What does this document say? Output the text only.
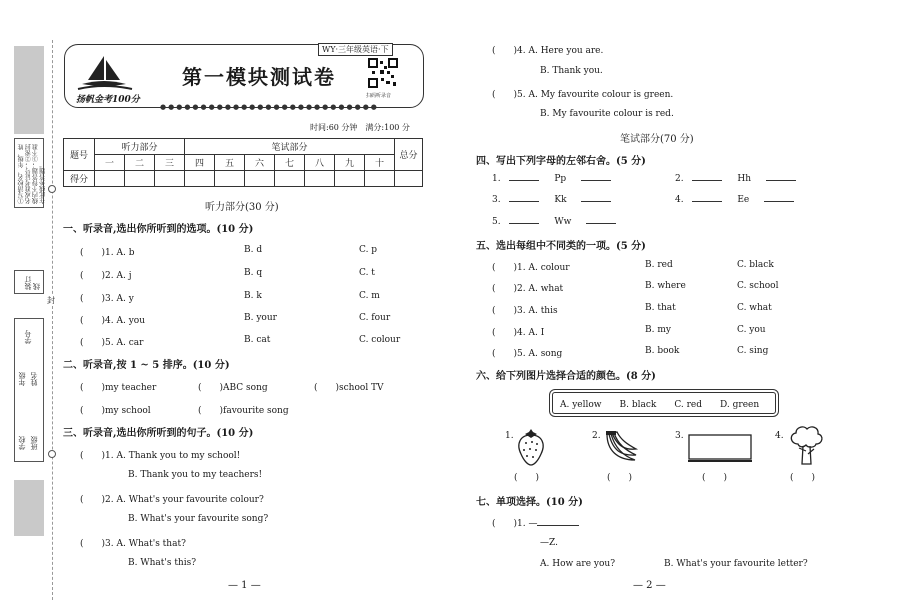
①写清校名、年级、姓名或准考证号；②密封线内不得答题；③不准在此线外答题。
装订线
学校 班级
年级 姓名
学号
封
扬帆金考100分
第一模块测试卷
WY·三年级英语·下
扫码听录音
●●●●●●●●●●●●●●●●●●●●●●●●●●●
时间:60 分钟　满分:100 分
题号	听力部分			笔试部分							总分
	一	二	三	四	五	六	七	八	九	十	
得分											
听力部分(30 分)
一、听录音,选出你所听到的选项。(10 分)
(　　)1. A. b	B. d	C. p
(　　)2. A. j	B. q	C. t
(　　)3. A. y	B. k	C. m
(　　)4. A. you	B. your	C. four
(　　)5. A. car	B. cat	C. colour
二、听录音,按 1 ~ 5 排序。(10 分)
(　　)my teacher	(　　)ABC song	(　　)school TV
(　　)my school	(　　)favourite song
三、听录音,选出你所听到的句子。(10 分)
(　　)1. A. Thank you to my school!
B. Thank you to my teachers!
(　　)2. A. What's your favourite colour?
B. What's your favourite song?
(　　)3. A. What's that?
B. What's this?
— 1 —
(　　)4. A. Here you are.
B. Thank you.
(　　)5. A. My favourite colour is green.
B. My favourite colour is red.
笔试部分(70 分)
四、写出下列字母的左邻右舍。(5 分)
1.	Pp	2.	Hh
3.	Kk	4.	Ee
5.	Ww
五、选出每组中不同类的一项。(5 分)
(　　)1. A. colour	B. red	C. black
(　　)2. A. what	B. where	C. school
(　　)3. A. this	B. that	C. what
(　　)4. A. I	B. my	C. you
(　　)5. A. song	B. book	C. sing
六、给下列图片选择合适的颜色。(8 分)
A. yellow　　B. black　　C. red　　D. green
1.
(　　)
2.
(　　)
3.
(　　)
4.
(　　)
七、单项选择。(10 分)
(　　)1. —
—Z.
A. How are you?	B. What's your favourite letter?
— 2 —
